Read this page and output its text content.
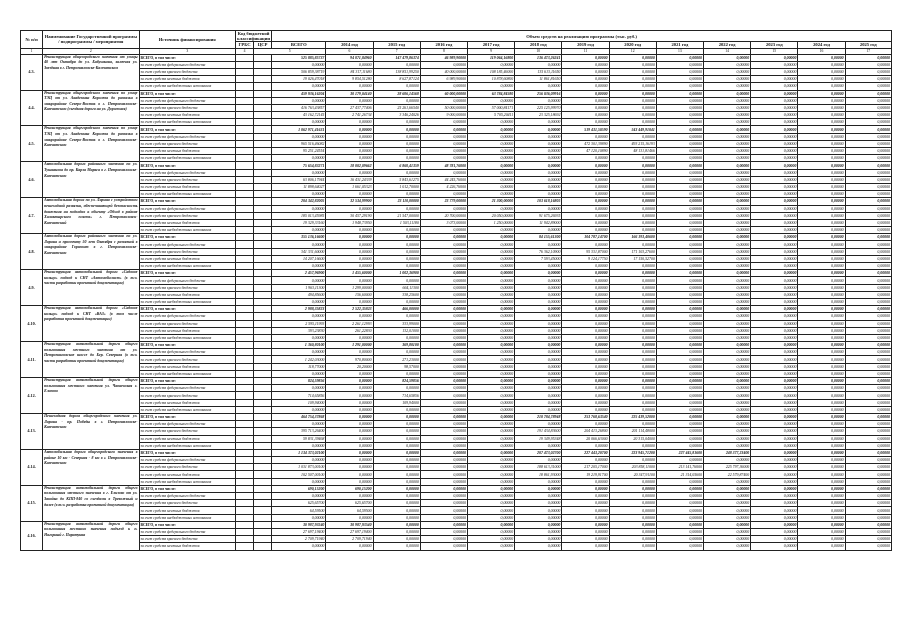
№ п/п	Наименование Государственной программы / подпрограммы / мероприятия	Источник финансирования	Код бюджетной классификации		Объем средств на реализацию программы (тыс. руб.)												
			ГРБС	ЦСР	ВСЕГО	2014 год	2015 год	2016 год	2017 год	2018 год	2019 год	2020 год	2021 год	2022 год	2023 год	2024 год	2025 год
1	2	3	4	5		6	7	8	9	10	11	12	13	14	15	16	17
4.3.	Реконструкция общегородского значения от улицы 40 лет Октября до ул. Бабушкина, включая ул. Звездная в г. Петропавловске-Камчатском	ВСЕГО, в том числе:			525 885,85737	94 071,84960	147 479,86374	46 989,90000	119 064,16800	136 473,26241	0,00000	0,00000	0,00000	0,00000	0,00000	0,00000	0,00000
		за счет средств федерального бюджета			0,00000	0,00000	0,00000	0,00000	0,00000	0,00000	0,00000	0,00000	0,00000	0,00000	0,00000	0,00000	0,00000
		за счет средств краевого бюджета			506 859,38719	84 317,11680	138 851,99250	40 000,00000	108 185,46000	135 613,11650	0,00000	0,00000	0,00000	0,00000	0,00000	0,00000	0,00000
		за счет средств местных бюджетов			19 026,47018	9 854,51280	8 627,87124	6 989,90000	10 878,60800	11 861,81650	0,00000	0,00000	0,00000	0,00000	0,00000	0,00000	0,00000
		за счет средств внебюджетных источников			0,00000	0,00000	0,00000	0,00000	0,00000	0,00000	0,00000	0,00000	0,00000	0,00000	0,00000	0,00000	0,00000
4.4.	Реконструкция общегородского значения по улице ТЭЦ от ул. Академика Королева до развязки в микрорайоне Северо-Восток в г. Петропавловске-Камчатском (съездная дорога на ул. Дорожная)	ВСЕГО, в том числе:			459 936,16204	30 179,04140	28 606,14568	60 000,00000	63 784,84580	256 036,09916	0,00000	0,00000	0,00000	0,00000	0,00000	0,00000	0,00000
		за счет средств федерального бюджета			0,00000	0,00000	0,00000	0,00000	0,00000	0,00000	0,00000	0,00000	0,00000	0,00000	0,00000	0,00000	0,00000
		за счет средств краевого бюджета			416 763,43857	27 437,77406	25 261,66540	50 000,00000	57 000,84171	225 125,99970	0,00000	0,00000	0,00000	0,00000	0,00000	0,00000	0,00000
		за счет средств местных бюджетов			43 162,72145	2 741,26734	3 346,24026	9 000,00000	5 705,20411	23 325,18692	0,00000	0,00000	0,00000	0,00000	0,00000	0,00000	0,00000
		за счет средств внебюджетных источников			0,00000	0,00000	0,00000	0,00000	0,00000	0,00000	0,00000	0,00000	0,00000	0,00000	0,00000	0,00000	0,00000
4.5.	Реконструкция общегородского значения по улице ТЭЦ от ул. Академика Королева до развязки в микрорайоне Северо-Восток в г. Петропавловске-Камчатском	ВСЕГО, в том числе:			1 062 971,41631	0,00000	0,00000	0,00000	0,00000	0,00000	519 431,50590	543 449,91041	0,00000	0,00000	0,00000	0,00000	0,00000
		за счет средств федерального бюджета			0,00000	0,00000	0,00000	0,00000	0,00000	0,00000	0,00000	0,00000	0,00000	0,00000	0,00000	0,00000	0,00000
		за счет средств краевого бюджета			965 516,46082	0,00000	0,00000	0,00000	0,00000	0,00000	472 301,39890	493 215,16193	0,00000	0,00000	0,00000	0,00000	0,00000
		за счет средств местных бюджетов			95 251,24554	0,00000	0,00000	0,00000	0,00000	0,00000	47 120,10890	48 131,81466	0,00000	0,00000	0,00000	0,00000	0,00000
		за счет средств внебюджетных источников			0,00000	0,00000	0,00000	0,00000	0,00000	0,00000	0,00000	0,00000	0,00000	0,00000	0,00000	0,00000	0,00000
4.6.	Автомобильная дорога районного значения по ул. Тушканова до пр. Карла Маркса в г. Петропавловске-Камчатском	ВСЕГО, в том числе:			75 654,83271	18 002,09662	6 860,41359	48 781,76000	0,00000	0,00000	0,00000	0,00000	0,00000	0,00000	0,00000	0,00000	0,00000
		за счет средств федерального бюджета			0,00000	0,00000	0,00000	0,00000	0,00000	0,00000	0,00000	0,00000	0,00000	0,00000	0,00000	0,00000	0,00000
		за счет средств краевого бюджета			63 806,17944	16 431,24339	5 843,61275	44 245,76000	0,00000	0,00000	0,00000	0,00000	0,00000	0,00000	0,00000	0,00000	0,00000
		за счет средств местных бюджетов			11 898,64027	1 661,05323	1 012,70000	4 226,76000	0,00000	0,00000	0,00000	0,00000	0,00000	0,00000	0,00000	0,00000	0,00000
		за счет средств внебюджетных источников			0,00000	0,00000	0,00000	0,00000	0,00000	0,00000	0,00000	0,00000	0,00000	0,00000	0,00000	0,00000	0,00000
4.7.	Автомобильная дорога по ул. Ларина с устройством пешеходной развязки, обеспечивающей безопасность движения на подходах к объекту «Обход в районе Халактырского пляжа» г. Петропавловск-Камчатский	ВСЕГО, в том числе:			204 342,82005	32 534,99900	23 110,00000	23 779,00000	21 300,00000	103 618,16805	0,00000	0,00000	0,00000	0,00000	0,00000	0,00000	0,00000
		за счет средств федерального бюджета			0,00000	0,00000	0,00000	0,00000	0,00000	0,00000	0,00000	0,00000	0,00000	0,00000	0,00000	0,00000	0,00000
		за счет средств краевого бюджета			185 013,45985	30 457,29190	21 547,00000	20 700,00000	20 050,00000	91 675,26935	0,00000	0,00000	0,00000	0,00000	0,00000	0,00000	0,00000
		за счет средств местных бюджетов			19 329,33160	1 948,73950	1 503,11180	3 073,00000	1 250,00000	11 942,89000	0,00000	0,00000	0,00000	0,00000	0,00000	0,00000	0,00000
		за счет средств внебюджетных источников			0,00000	0,00000	0,00000	0,00000	0,00000	0,00000	0,00000	0,00000	0,00000	0,00000	0,00000	0,00000	0,00000
4.8.	Автомобильная дорога районного значения по ул. Ларина и проспекту 50 лет Октября с развязкой в микрорайоне Горизонт в г. Петропавловске-Камчатском	ВСЕГО, в том числе:			355 136,16600	0,00000	0,00000	0,00000	0,00000	84 155,61300	104 787,14700	166 193,40600	0,00000	0,00000	0,00000	0,00000	0,00000
		за счет средств федерального бюджета			0,00000	0,00000	0,00000	0,00000	0,00000	0,00000	0,00000	0,00000	0,00000	0,00000	0,00000	0,00000	0,00000
		за счет средств краевого бюджета			341 331,60000	0,00000	0,00000	0,00000	0,00000	76 362,10900	95 331,87000	171 103,27600	0,00000	0,00000	0,00000	0,00000	0,00000
		за счет средств местных бюджетов			14 207,16600	0,00000	0,00000	0,00000	0,00000	7 593,45000	9 124,17750	17 150,52700	0,00000	0,00000	0,00000	0,00000	0,00000
		за счет средств внебюджетных источников			0,00000	0,00000	0,00000	0,00000	0,00000	0,00000	0,00000	0,00000	0,00000	0,00000	0,00000	0,00000	0,00000
4.9.	Реконструкция автомобильной дороги «Садовое кольцо» подход к СНТ «Автомобилист» (в т.ч. части разработки проектной документации)	ВСЕГО, в том числе:			2 457,96900	1 455,60000	1 002,36900	0,00000	0,00000	0,00000	0,00000	0,00000	0,00000	0,00000	0,00000	0,00000	0,00000
		за счет средств федерального бюджета			0,00000	0,00000	0,00000	0,00000	0,00000	0,00000	0,00000	0,00000	0,00000	0,00000	0,00000	0,00000	0,00000
		за счет средств краевого бюджета			1 963,11300	1 299,00000	664,11300	0,00000	0,00000	0,00000	0,00000	0,00000	0,00000	0,00000	0,00000	0,00000	0,00000
		за счет средств местных бюджетов			494,85600	156,60000	338,25600	0,00000	0,00000	0,00000	0,00000	0,00000	0,00000	0,00000	0,00000	0,00000	0,00000
		за счет средств внебюджетных источников			0,00000	0,00000	0,00000	0,00000	0,00000	0,00000	0,00000	0,00000	0,00000	0,00000	0,00000	0,00000	0,00000
4.10.	Реконструкция автомобильной дороги «Садовое кольцо» подход к СНТ «ВАЗ» (в том числе разработка проектной документации)	ВСЕГО, в том числе:			2 988,35823	2 522,35823	466,00000	0,00000	0,00000	0,00000	0,00000	0,00000	0,00000	0,00000	0,00000	0,00000	0,00000
		за счет средств федерального бюджета			0,00000	0,00000	0,00000	0,00000	0,00000	0,00000	0,00000	0,00000	0,00000	0,00000	0,00000	0,00000	0,00000
		за счет средств краевого бюджета			2 595,11993	2 261,12993	333,99000	0,00000	0,00000	0,00000	0,00000	0,00000	0,00000	0,00000	0,00000	0,00000	0,00000
		за счет средств местных бюджетов			393,23830	261,22830	132,01000	0,00000	0,00000	0,00000	0,00000	0,00000	0,00000	0,00000	0,00000	0,00000	0,00000
		за счет средств внебюджетных источников			0,00000	0,00000	0,00000	0,00000	0,00000	0,00000	0,00000	0,00000	0,00000	0,00000	0,00000	0,00000	0,00000
4.11.	Реконструкция автомобильной дороги общего пользования местного значения от ул. Петропавловское шоссе до Бер. Северная (в т.ч. части разработки проектной документации)	ВСЕГО, в том числе:			1 360,80100	1 291,00000	369,80100	0,00000	0,00000	0,00000	0,00000	0,00000	0,00000	0,00000	0,00000	0,00000	0,00000
		за счет средств федерального бюджета			0,00000	0,00000	0,00000	0,00000	0,00000	0,00000	0,00000	0,00000	0,00000	0,00000	0,00000	0,00000	0,00000
		за счет средств краевого бюджета			1 242,03000	970,80000	271,23000	0,00000	0,00000	0,00000	0,00000	0,00000	0,00000	0,00000	0,00000	0,00000	0,00000
		за счет средств местных бюджетов			118,77000	20,20000	98,57000	0,00000	0,00000	0,00000	0,00000	0,00000	0,00000	0,00000	0,00000	0,00000	0,00000
		за счет средств внебюджетных источников			0,00000	0,00000	0,00000	0,00000	0,00000	0,00000	0,00000	0,00000	0,00000	0,00000	0,00000	0,00000	0,00000
4.12.	Реконструкция автомобильной дороги общего пользования местного значения ул. Чапаевская с. Елизово	ВСЕГО, в том числе:			824,59856	0,00000	824,59856	0,00000	0,00000	0,00000	0,00000	0,00000	0,00000	0,00000	0,00000	0,00000	0,00000
		за счет средств федерального бюджета			0,00000	0,00000	0,00000	0,00000	0,00000	0,00000	0,00000	0,00000	0,00000	0,00000	0,00000	0,00000	0,00000
		за счет средств краевого бюджета			714,65856	0,00000	714,65856	0,00000	0,00000	0,00000	0,00000	0,00000	0,00000	0,00000	0,00000	0,00000	0,00000
		за счет средств местных бюджетов			109,94000	0,00000	109,94000	0,00000	0,00000	0,00000	0,00000	0,00000	0,00000	0,00000	0,00000	0,00000	0,00000
		за счет средств внебюджетных источников			0,00000	0,00000	0,00000	0,00000	0,00000	0,00000	0,00000	0,00000	0,00000	0,00000	0,00000	0,00000	0,00000
4.13.	Пешеходная дорога общегородского значения ул. Ларина - пр. Победы в г. Петропавловске-Камчатском	ВСЕГО, в том числе:			464 754,37868	0,00000	0,00000	0,00000	0,00000	210 784,78948	253 768,63540	225 439,52000	0,00000	0,00000	0,00000	0,00000	0,00000
		за счет средств федерального бюджета			0,00000	0,00000	0,00000	0,00000	0,00000	0,00000	0,00000	0,00000	0,00000	0,00000	0,00000	0,00000	0,00000
		за счет средств краевого бюджета			395 713,26400	0,00000	0,00000	0,00000	0,00000	191 434,83600	204 413,26800	201 114,48000	0,00000	0,00000	0,00000	0,00000	0,00000
		за счет средств местных бюджетов			59 831,39468	0,00000	0,00000	0,00000	0,00000	19 349,95348	20 066,63000	20 315,04000	0,00000	0,00000	0,00000	0,00000	0,00000
		за счет средств внебюджетных источников			0,00000	0,00000	0,00000	0,00000	0,00000	0,00000	0,00000	0,00000	0,00000	0,00000	0,00000	0,00000	0,00000
4.14.	Автомобильная дорога общегородского значения в районе 10 км - Северная - 8 км в г. Петропавловске-Камчатском	ВСЕГО, в том числе:			1 134 373,02100	0,00000	0,00000	0,00000	0,00000	207 473,02700	227 443,20700	223 945,71200	227 445,81600	248 377,23400	0,00000	0,00000	0,00000
		за счет средств федерального бюджета			0,00000	0,00000	0,00000	0,00000	0,00000	0,00000	0,00000	0,00000	0,00000	0,00000	0,00000	0,00000	0,00000
		за счет средств краевого бюджета			1 031 873,00100	0,00000	0,00000	0,00000	0,00000	188 613,31000	217 205,17000	203 858,11000	213 141,76000	225 797,36000	0,00000	0,00000	0,00000
		за счет средств местных бюджетов			102 507,00100	0,00000	0,00000	0,00000	0,00000	18 861,93000	19 219,91700	20 347,91100	21 314,05600	22 579,87400	0,00000	0,00000	0,00000
		за счет средств внебюджетных источников			0,00000	0,00000	0,00000	0,00000	0,00000	0,00000	0,00000	0,00000	0,00000	0,00000	0,00000	0,00000	0,00000
4.15.	Реконструкция автомобильной дороги общего пользования местного значения в г. Елизово от ул. Завойко до КПП-840 со съездами в Тревожный и далее (в т.ч. разработка проектной документации)	ВСЕГО, в том числе:			690,15200	690,15200	0,00000	0,00000	0,00000	0,00000	0,00000	0,00000	0,00000	0,00000	0,00000	0,00000	0,00000
		за счет средств федерального бюджета			0,00000	0,00000	0,00000	0,00000	0,00000	0,00000	0,00000	0,00000	0,00000	0,00000	0,00000	0,00000	0,00000
		за счет средств краевого бюджета			625,65700	625,65700	0,00000	0,00000	0,00000	0,00000	0,00000	0,00000	0,00000	0,00000	0,00000	0,00000	0,00000
		за счет средств местных бюджетов			64,59500	64,59500	0,00000	0,00000	0,00000	0,00000	0,00000	0,00000	0,00000	0,00000	0,00000	0,00000	0,00000
		за счет средств внебюджетных источников			0,00000	0,00000	0,00000	0,00000	0,00000	0,00000	0,00000	0,00000	0,00000	0,00000	0,00000	0,00000	0,00000
4.16.	Реконструкция автомобильной дороги общего пользования местного значения подъезд к п. Нагорный г. Паратунка	ВСЕГО, в том числе:			30 987,93540	30 987,93540	0,00000	0,00000	0,00000	0,00000	0,00000	0,00000	0,00000	0,00000	0,00000	0,00000	0,00000
		за счет средств федерального бюджета			27 697,19400	27 697,19400	0,00000	0,00000	0,00000	0,00000	0,00000	0,00000	0,00000	0,00000	0,00000	0,00000	0,00000
		за счет средств краевого бюджета			2 709,71940	2 709,71940	0,00000	0,00000	0,00000	0,00000	0,00000	0,00000	0,00000	0,00000	0,00000	0,00000	0,00000
		за счет средств местных бюджетов			0,00000	0,00000	0,00000	0,00000	0,00000	0,00000	0,00000	0,00000	0,00000	0,00000	0,00000	0,00000	0,00000
